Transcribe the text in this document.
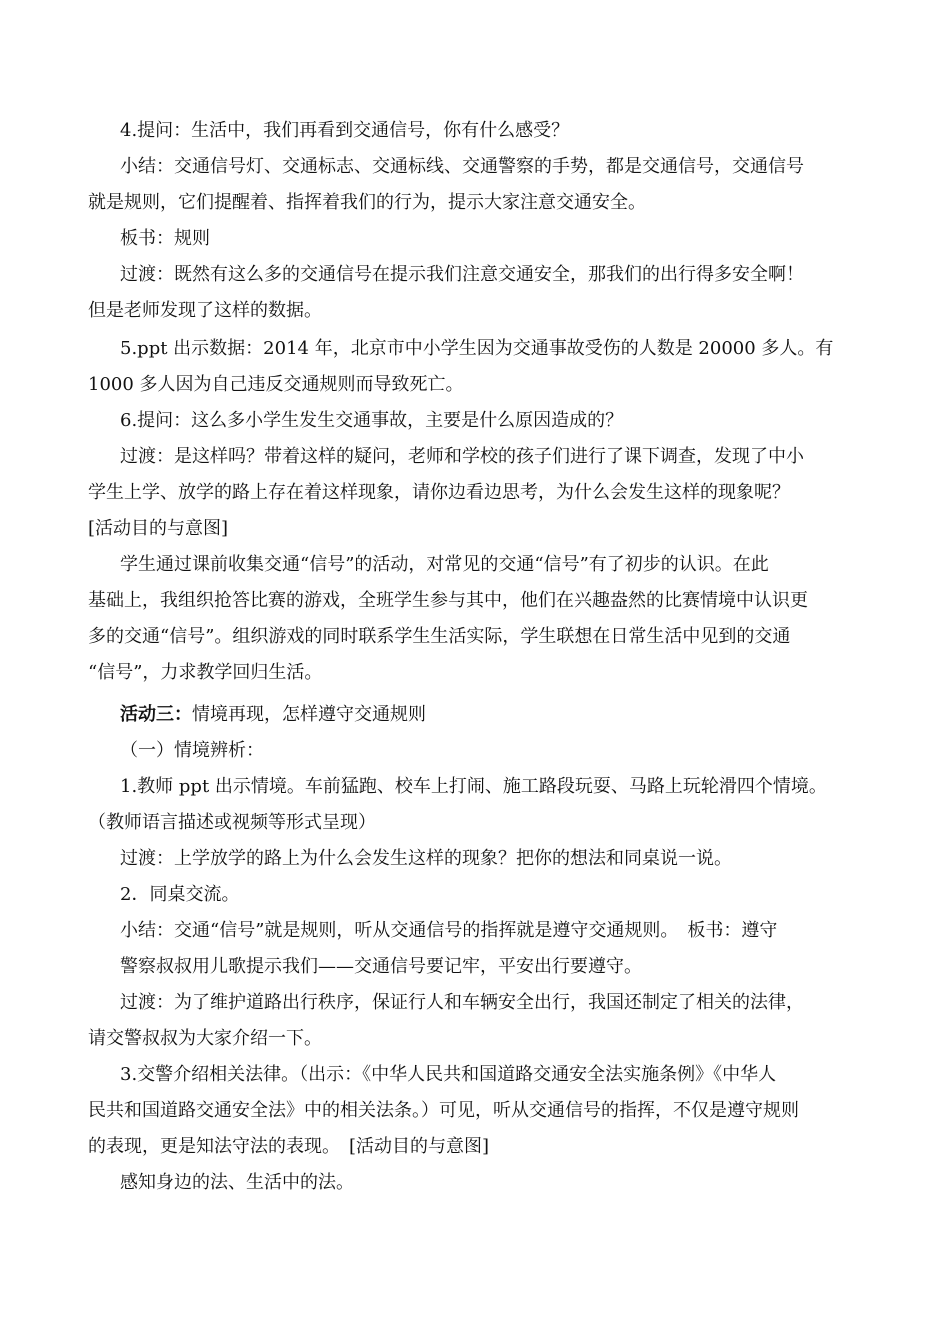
4.提问：生活中，我们再看到交通信号，你有什么感受？
小结：交通信号灯、交通标志、交通标线、交通警察的手势，都是交通信号，交通信号
就是规则，它们提醒着、指挥着我们的行为，提示大家注意交通安全。
板书：规则
过渡：既然有这么多的交通信号在提示我们注意交通安全，那我们的出行得多安全啊！
但是老师发现了这样的数据。
5.ppt 出示数据：2014 年，北京市中小学生因为交通事故受伤的人数是 20000 多人。有
1000 多人因为自己违反交通规则而导致死亡。
6.提问：这么多小学生发生交通事故，主要是什么原因造成的？
过渡：是这样吗？带着这样的疑问，老师和学校的孩子们进行了课下调查，发现了中小
学生上学、放学的路上存在着这样现象，请你边看边思考，为什么会发生这样的现象呢？
[活动目的与意图]
学生通过课前收集交通“信号”的活动，对常见的交通“信号”有了初步的认识。在此
基础上，我组织抢答比赛的游戏，全班学生参与其中，他们在兴趣盎然的比赛情境中认识更
多的交通“信号”。组织游戏的同时联系学生生活实际，学生联想在日常生活中见到的交通
“信号”，力求教学回归生活。
活动三：情境再现，怎样遵守交通规则
（一）情境辨析：
1.教师 ppt 出示情境。车前猛跑、校车上打闹、施工路段玩耍、马路上玩轮滑四个情境。
（教师语言描述或视频等形式呈现）
过渡：上学放学的路上为什么会发生这样的现象？把你的想法和同桌说一说。
2．同桌交流。
小结：交通“信号”就是规则，听从交通信号的指挥就是遵守交通规则。　板书：遵守
警察叔叔用儿歌提示我们——交通信号要记牢，平安出行要遵守。
过渡：为了维护道路出行秩序，保证行人和车辆安全出行，我国还制定了相关的法律，
请交警叔叔为大家介绍一下。
3.交警介绍相关法律。（出示：《中华人民共和国道路交通安全法实施条例》《中华人
民共和国道路交通安全法》中的相关法条。）可见，听从交通信号的指挥，不仅是遵守规则
的表现，更是知法守法的表现。　[活动目的与意图]
感知身边的法、生活中的法。
